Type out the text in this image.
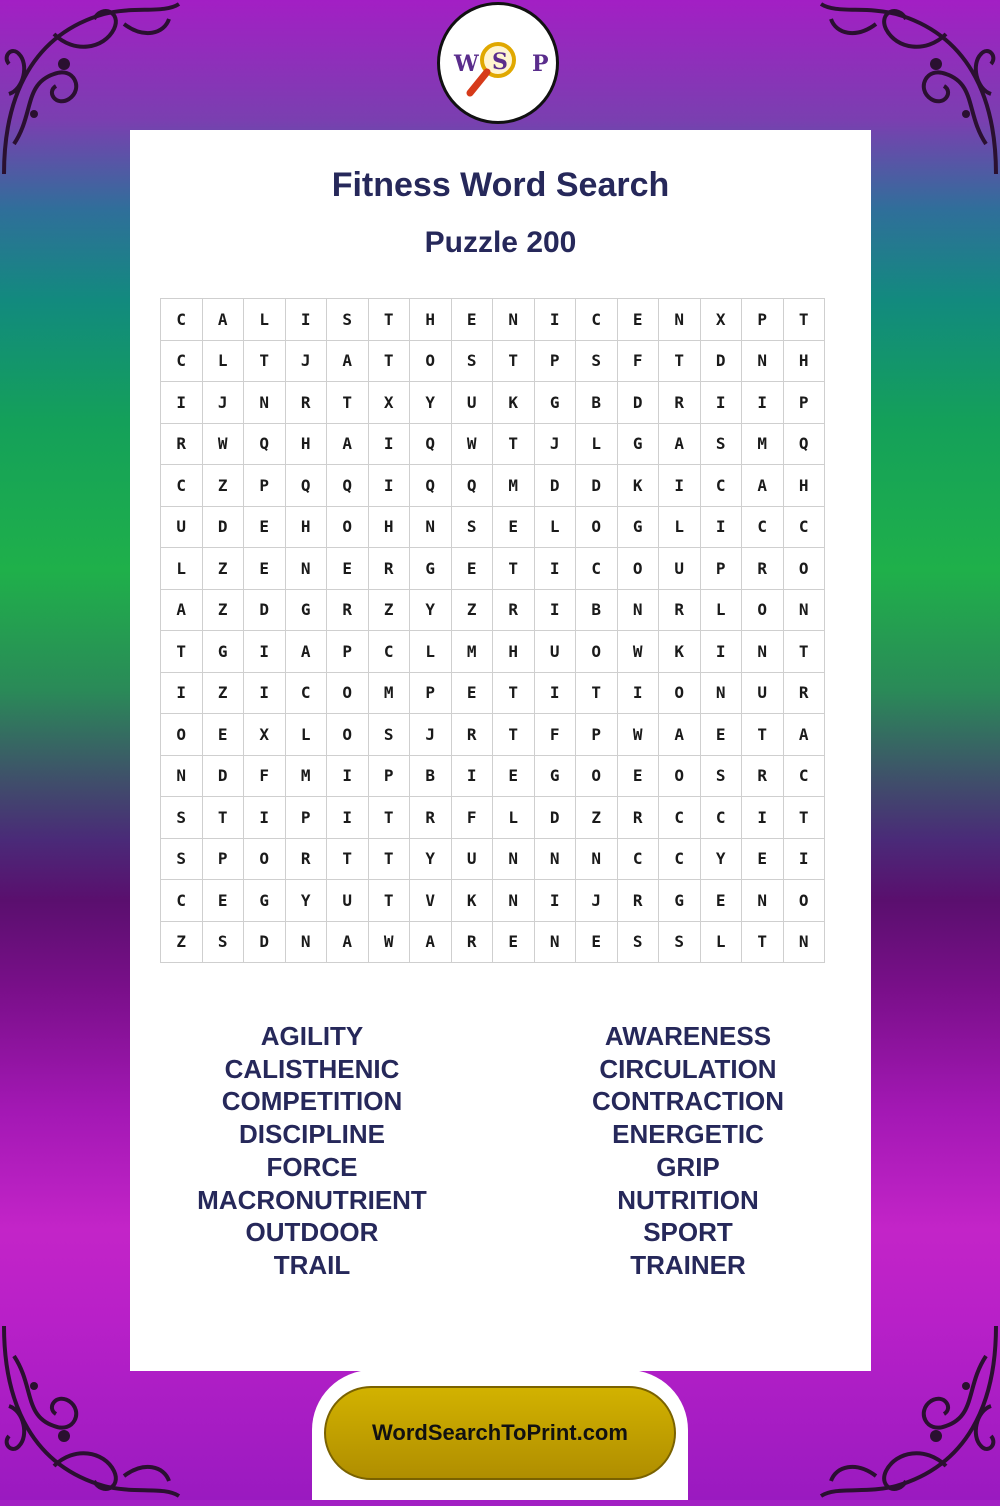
W S P
Fitness Word Search
Puzzle 200
C	A	L	I	S	T	H	E	N	I	C	E	N	X	P	T
C	L	T	J	A	T	O	S	T	P	S	F	T	D	N	H
I	J	N	R	T	X	Y	U	K	G	B	D	R	I	I	P
R	W	Q	H	A	I	Q	W	T	J	L	G	A	S	M	Q
C	Z	P	Q	Q	I	Q	Q	M	D	D	K	I	C	A	H
U	D	E	H	O	H	N	S	E	L	O	G	L	I	C	C
L	Z	E	N	E	R	G	E	T	I	C	O	U	P	R	O
A	Z	D	G	R	Z	Y	Z	R	I	B	N	R	L	O	N
T	G	I	A	P	C	L	M	H	U	O	W	K	I	N	T
I	Z	I	C	O	M	P	E	T	I	T	I	O	N	U	R
O	E	X	L	O	S	J	R	T	F	P	W	A	E	T	A
N	D	F	M	I	P	B	I	E	G	O	E	O	S	R	C
S	T	I	P	I	T	R	F	L	D	Z	R	C	C	I	T
S	P	O	R	T	T	Y	U	N	N	N	C	C	Y	E	I
C	E	G	Y	U	T	V	K	N	I	J	R	G	E	N	O
Z	S	D	N	A	W	A	R	E	N	E	S	S	L	T	N
AGILITY
CALISTHENIC
COMPETITION
DISCIPLINE
FORCE
MACRONUTRIENT
OUTDOOR
TRAIL
AWARENESS
CIRCULATION
CONTRACTION
ENERGETIC
GRIP
NUTRITION
SPORT
TRAINER
WordSearchToPrint.com
